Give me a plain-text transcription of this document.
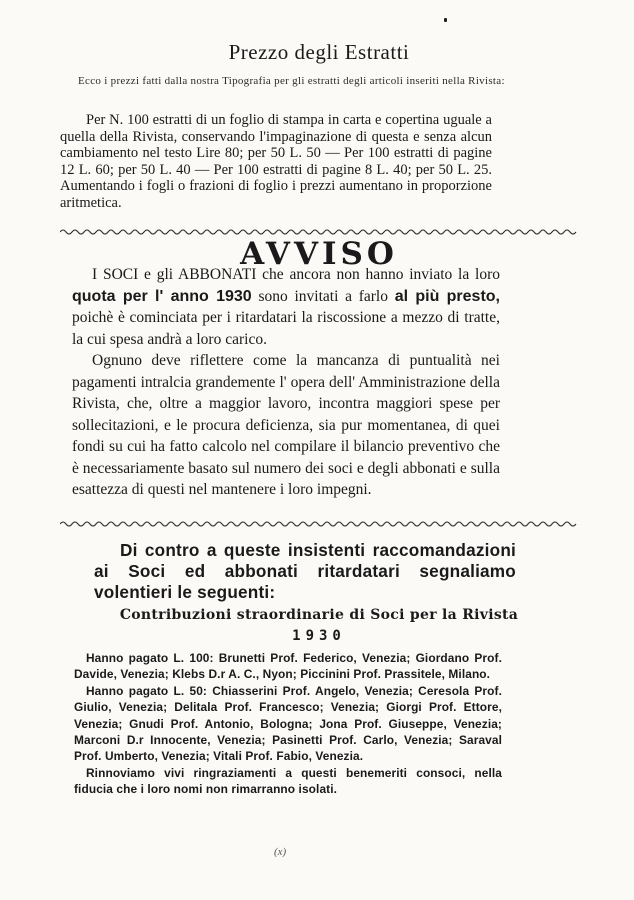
Prezzo degli Estratti
Ecco i prezzi fatti dalla nostra Tipografia per gli estratti degli articoli inseriti nella Rivista:

Per N. 100 estratti di un foglio di stampa in carta e copertina uguale a quella della Rivista, conservando l'impaginazione di questa e senza alcun cambiamento nel testo Lire 80; per 50 L. 50 — Per 100 estratti di pagine 12 L. 60; per 50 L. 40 — Per 100 estratti di pagine 8 L. 40; per 50 L. 25. Aumentando i fogli o frazioni di foglio i prezzi aumentano in proporzione aritmetica.

AVVISO

I SOCI e gli ABBONATI che ancora non hanno inviato la loro quota per l' anno 1930 sono invitati a farlo al più presto, poichè è cominciata per i ritardatari la riscossione a mezzo di tratte, la cui spesa andrà a loro carico.

Ognuno deve riflettere come la mancanza di puntualità nei pagamenti intralcia grandemente l' opera dell' Amministrazione della Rivista, che, oltre a maggior lavoro, incontra maggiori spese per sollecitazioni, e le procura deficienza, sia pur momentanea, di quei fondi su cui ha fatto calcolo nel compilare il bilancio preventivo che è necessariamente basato sul numero dei soci e degli abbonati e sulla esattezza di questi nel mantenere i loro impegni.

Di contro a queste insistenti raccomandazioni ai Soci ed abbonati ritardatari segnaliamo volentieri le seguenti:

Contribuzioni straordinarie di Soci per la Rivista
1930

Hanno pagato L. 100: Brunetti Prof. Federico, Venezia; Giordano Prof. Davide, Venezia; Klebs D.r A. C., Nyon; Piccinini Prof. Prassitele, Milano.

Hanno pagato L. 50: Chiasserini Prof. Angelo, Venezia; Ceresola Prof. Giulio, Venezia; Delitala Prof. Francesco; Venezia; Giorgi Prof. Ettore, Venezia; Gnudi Prof. Antonio, Bologna; Jona Prof. Giuseppe, Venezia; Marconi D.r Innocente, Venezia; Pasinetti Prof. Carlo, Venezia; Saraval Prof. Umberto, Venezia; Vitali Prof. Fabio, Venezia.

Rinnoviamo vivi ringraziamenti a questi benemeriti consoci, nella fiducia che i loro nomi non rimarranno isolati.

(x)
